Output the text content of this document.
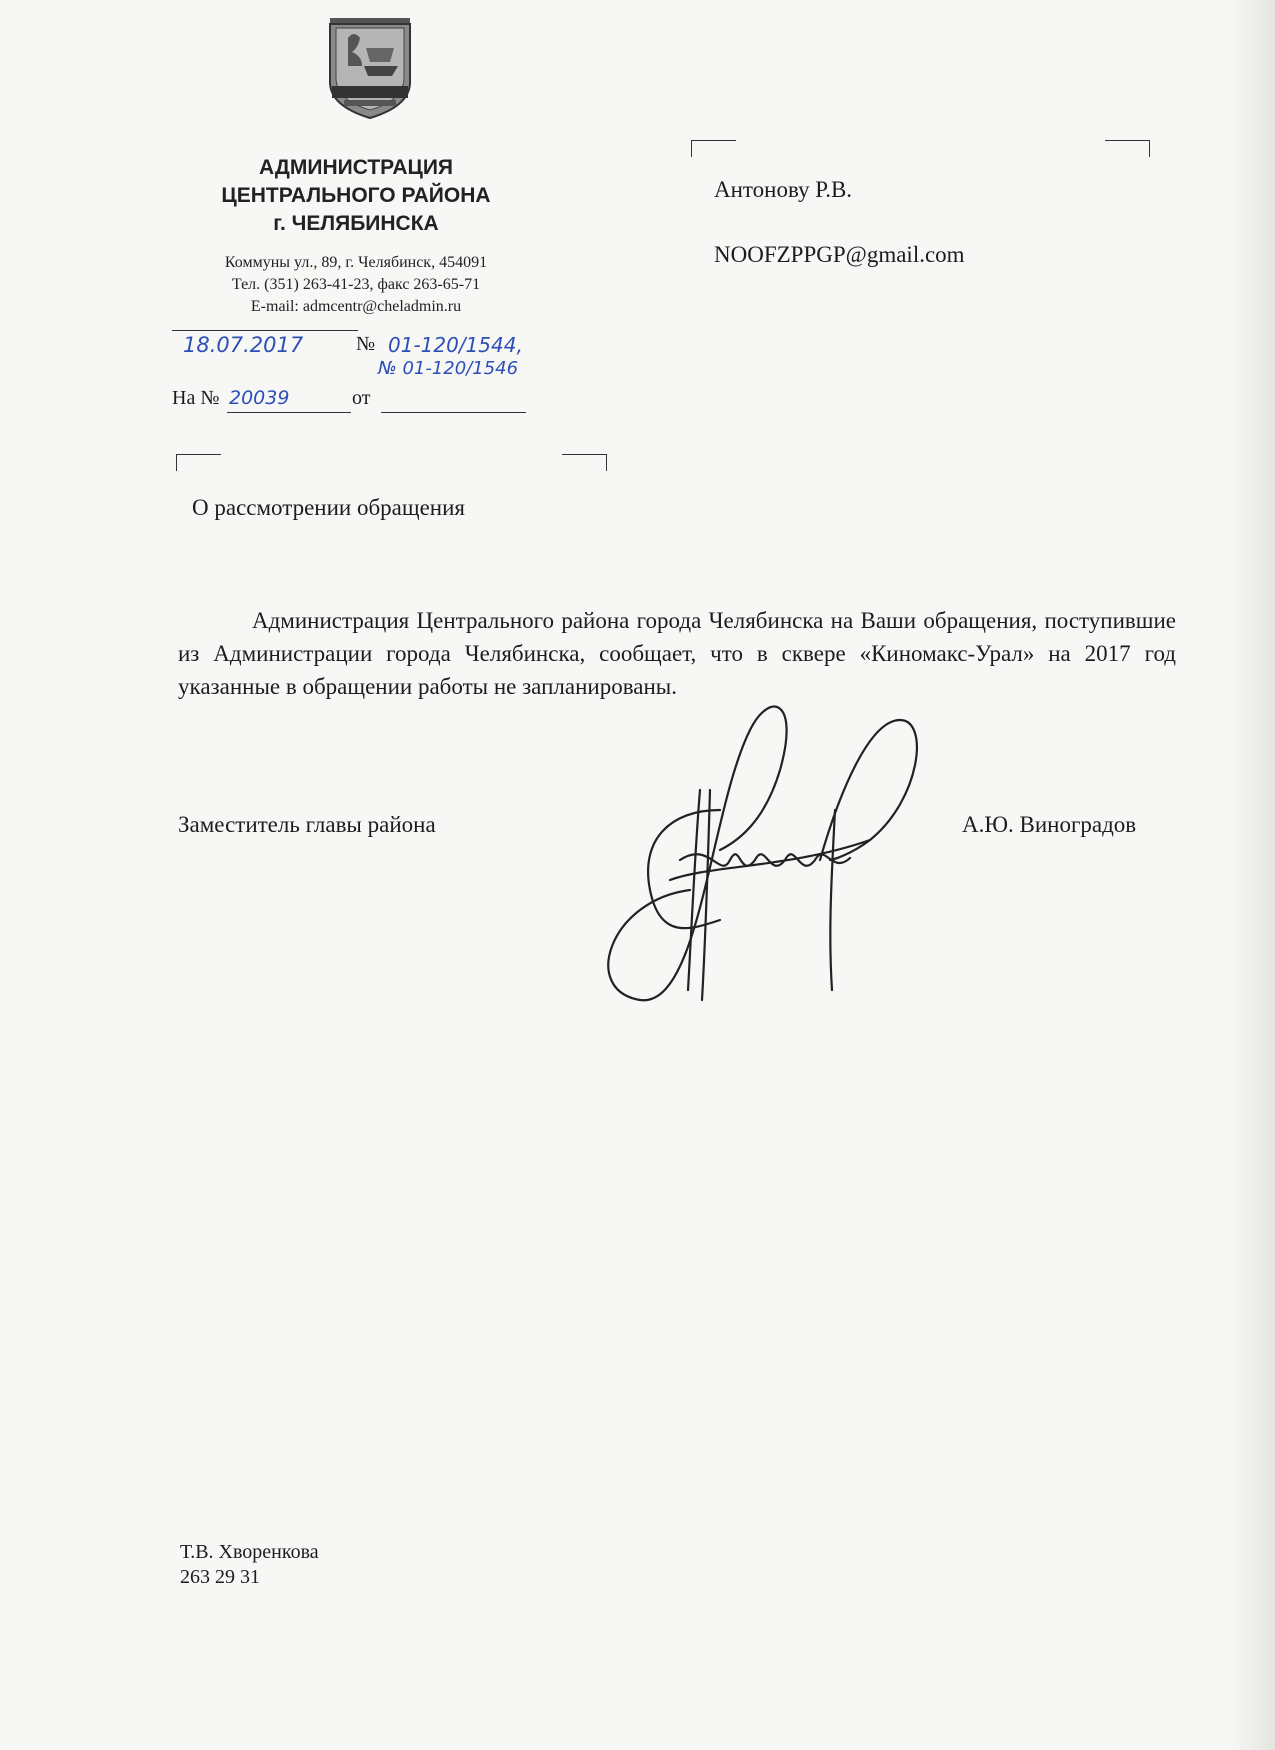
АДМИНИСТРАЦИЯ
ЦЕНТРАЛЬНОГО РАЙОНА
г. ЧЕЛЯБИНСКА
Коммуны ул., 89, г. Челябинск, 454091
Тел. (351) 263-41-23, факс 263-65-71
E-mail: admcentr@cheladmin.ru
18.07.2017	№ 01-120/1544,
№ 01-120/1546
На № 20039	от
Антонову Р.В.
NOOFZPPGP@gmail.com
О рассмотрении обращения
Администрация Центрального района города Челябинска на Ваши обращения, поступившие из Администрации города Челябинска, сообщает, что в сквере «Киномакс-Урал» на 2017 год указанные в обращении работы не запланированы.
Заместитель главы района	А.Ю. Виноградов
Т.В. Хворенкова
263 29 31
